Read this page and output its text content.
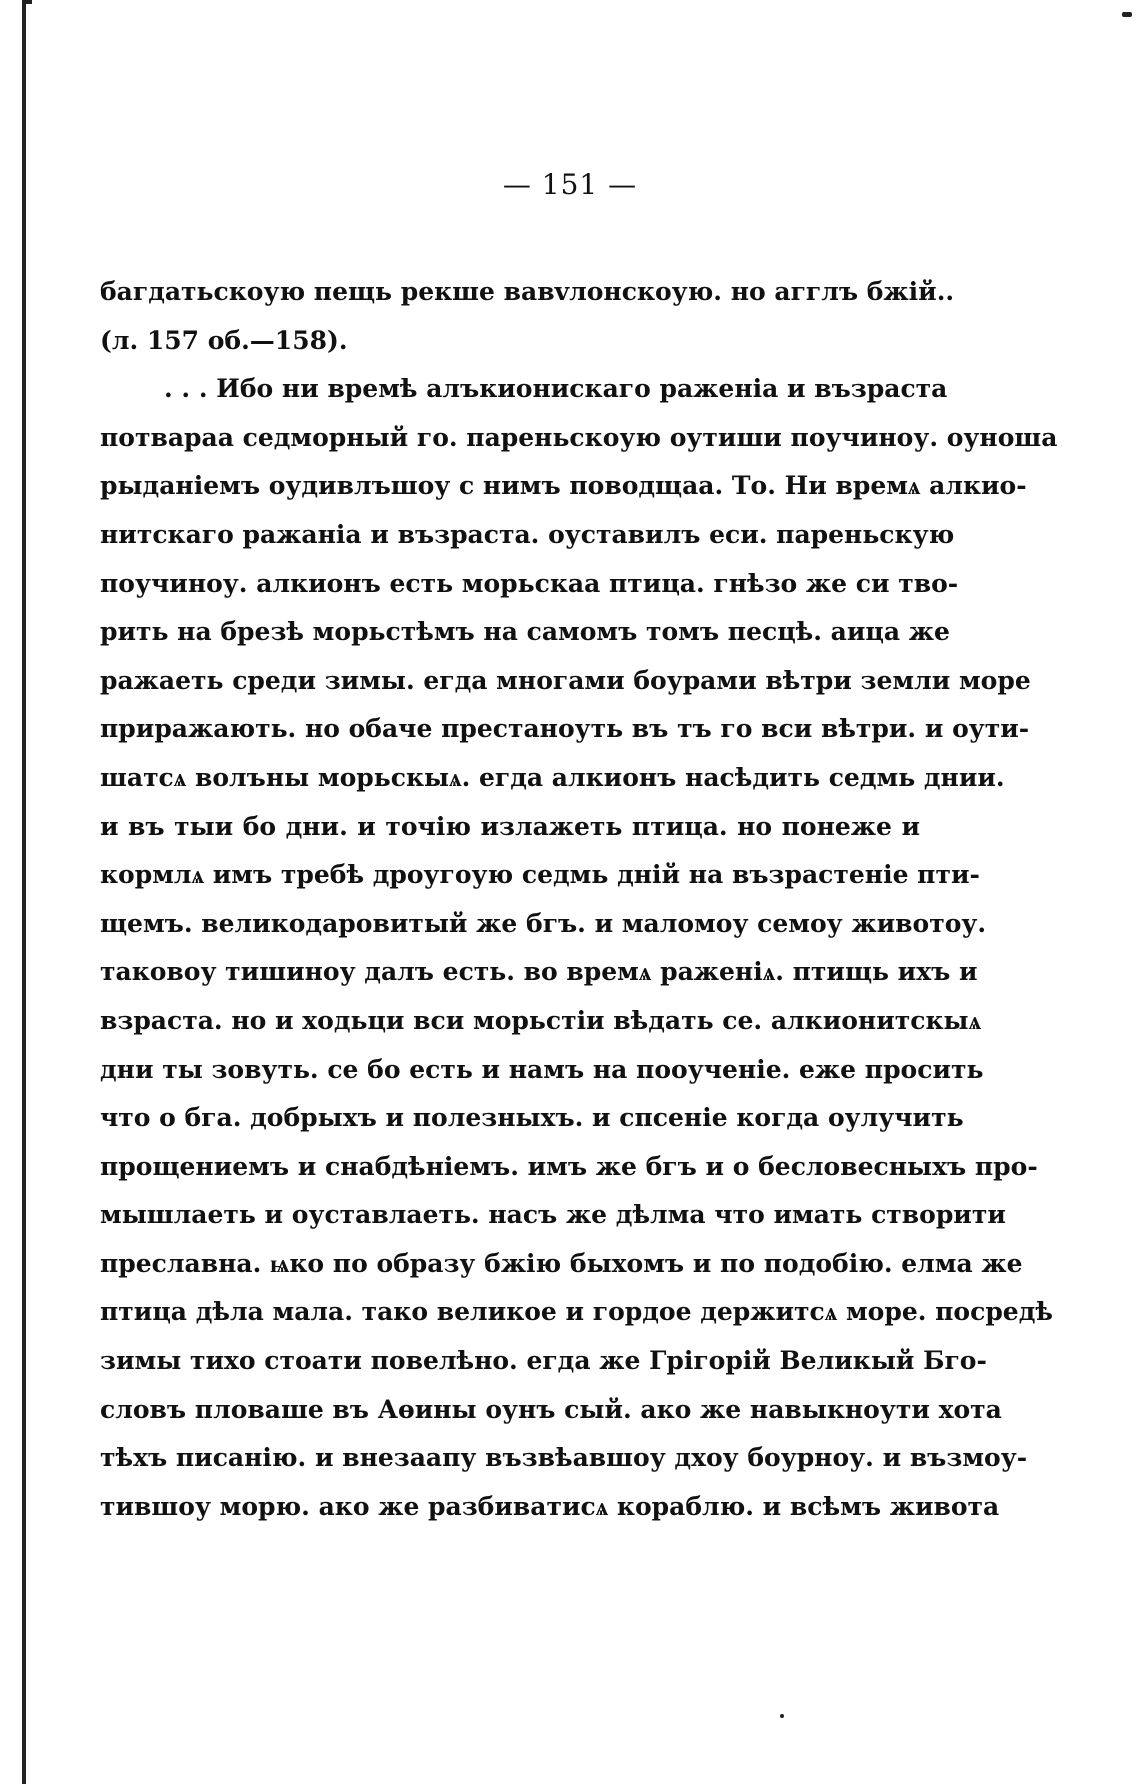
— 151 —
багдатьскоую пещь рекше вавvлонскоую. но агглъ бжiй..
(л. 157 об.—158).
. . . Ибо ни времѣ алъкионискаго раженiа и възраста
потвараа седморный го. пареньскоую оутиши поучиноу. оуноша
рыданiемъ оудивлъшоу с нимъ поводщаа. То. Ни времѧ алкио-
нитскаго ражанiа и възраста. оуставилъ еси. пареньскую
поучиноу. алкионъ есть морьскаа птица. гнѣзо же си тво-
рить на брезѣ морьстѣмъ на самомъ томъ песцѣ. аица же
ражаеть среди зимы. егда многами боурами вѣтри земли море
приражають. но обаче престаноуть въ тъ го вси вѣтри. и оути-
шатсѧ волъны морьскыѧ. егда алкионъ насѣдить седмь днии.
и въ тыи бо дни. и точiю излажеть птица. но понеже и
кормлѧ имъ требѣ дроугоую седмь днiй на възрастенiе пти-
щемъ. великодаровитый же бгъ. и маломоу семоу животоу.
таковоу тишиноу далъ есть. во времѧ раженiѧ. птищь ихъ и
взраста. но и ходьци вси морьстiи вѣдать се. алкионитскыѧ
дни ты зовуть. се бо есть и намъ на пооученiе. еже просить
что о бга. добрыхъ и полезныхъ. и спсенiе когда оулучить
прощениемъ и снабдѣнiемъ. имъ же бгъ и о бесловесныхъ про-
мышлаеть и оуставлаеть. насъ же дѣлма что имать створити
преславна. ѩко по образу бжiю быхомъ и по подобiю. елма же
птица дѣла мала. тако великое и гордое держитсѧ море. посредѣ
зимы тихо стоати повелѣно. егда же Грiгорiй Великый Бго-
словъ пловаше въ Аөины оунъ сый. ако же навыкноути хота
тѣхъ писанiю. и внезаапу възвѣавшоу дхоу боурноу. и възмоу-
тившоу морю. ако же разбиватисѧ кораблю. и всѣмъ живота
